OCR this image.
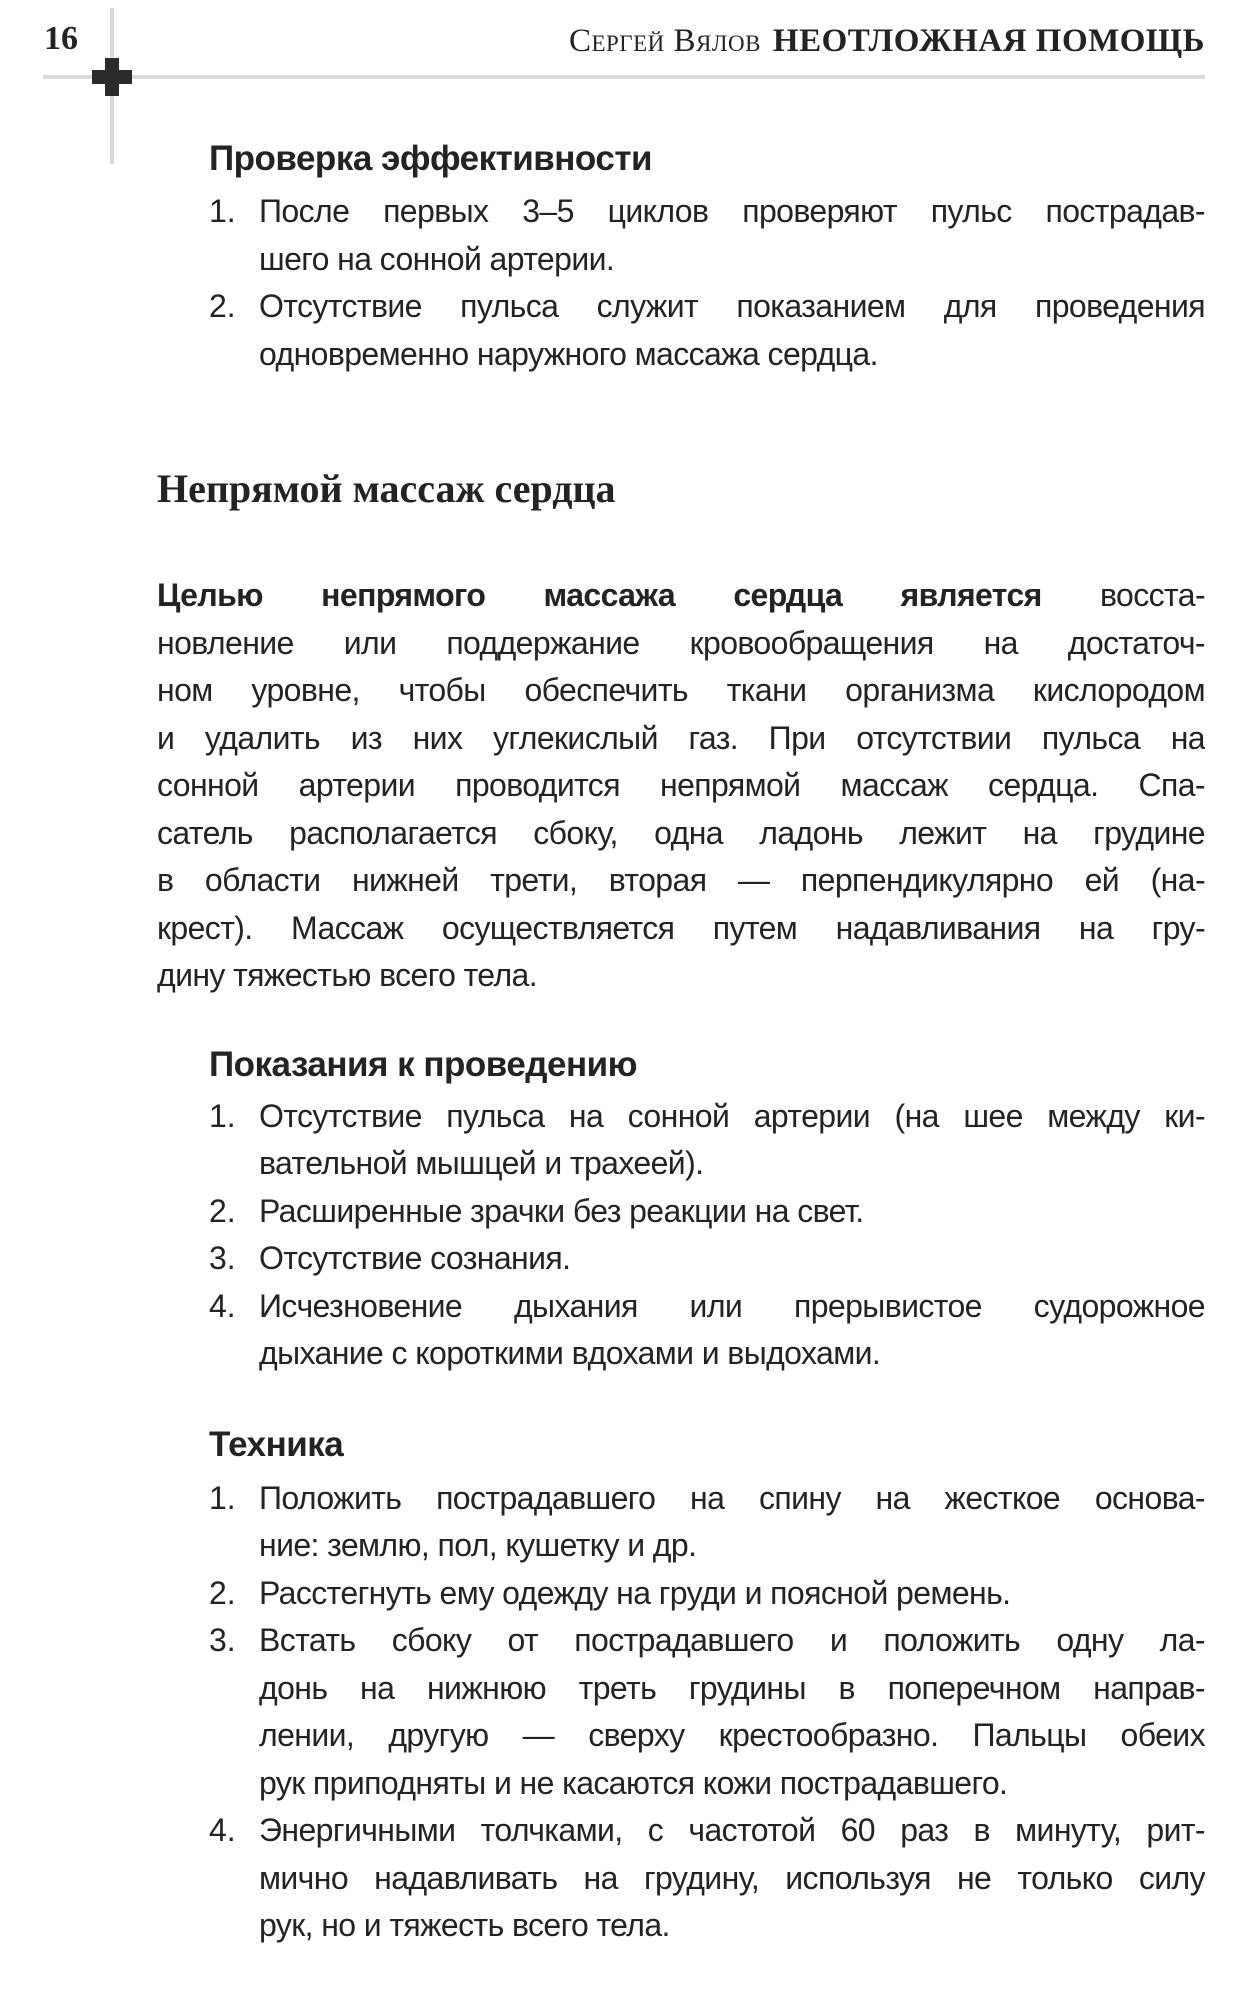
16	Сергей Вялов НЕОТЛОЖНАЯ ПОМОЩЬ
Проверка эффективности
1. После первых 3–5 циклов проверяют пульс пострадав-
шего на сонной артерии.
2. Отсутствие пульса служит показанием для проведения
одновременно наружного массажа сердца.
Непрямой массаж сердца
Целью непрямого массажа сердца является восста-
новление или поддержание кровообращения на достаточ-
ном уровне, чтобы обеспечить ткани организма кислородом
и удалить из них углекислый газ. При отсутствии пульса на
сонной артерии проводится непрямой массаж сердца. Спа-
сатель располагается сбоку, одна ладонь лежит на грудине
в области нижней трети, вторая — перпендикулярно ей (на-
крест). Массаж осуществляется путем надавливания на гру-
дину тяжестью всего тела.
Показания к проведению
1. Отсутствие пульса на сонной артерии (на шее между ки-
вательной мышцей и трахеей).
2. Расширенные зрачки без реакции на свет.
3. Отсутствие сознания.
4. Исчезновение дыхания или прерывистое судорожное
дыхание с короткими вдохами и выдохами.
Техника
1. Положить пострадавшего на спину на жесткое основа-
ние: землю, пол, кушетку и др.
2. Расстегнуть ему одежду на груди и поясной ремень.
3. Встать сбоку от пострадавшего и положить одну ла-
донь на нижнюю треть грудины в поперечном направ-
лении, другую — сверху крестообразно. Пальцы обеих
рук приподняты и не касаются кожи пострадавшего.
4. Энергичными толчками, с частотой 60 раз в минуту, рит-
мично надавливать на грудину, используя не только силу
рук, но и тяжесть всего тела.
